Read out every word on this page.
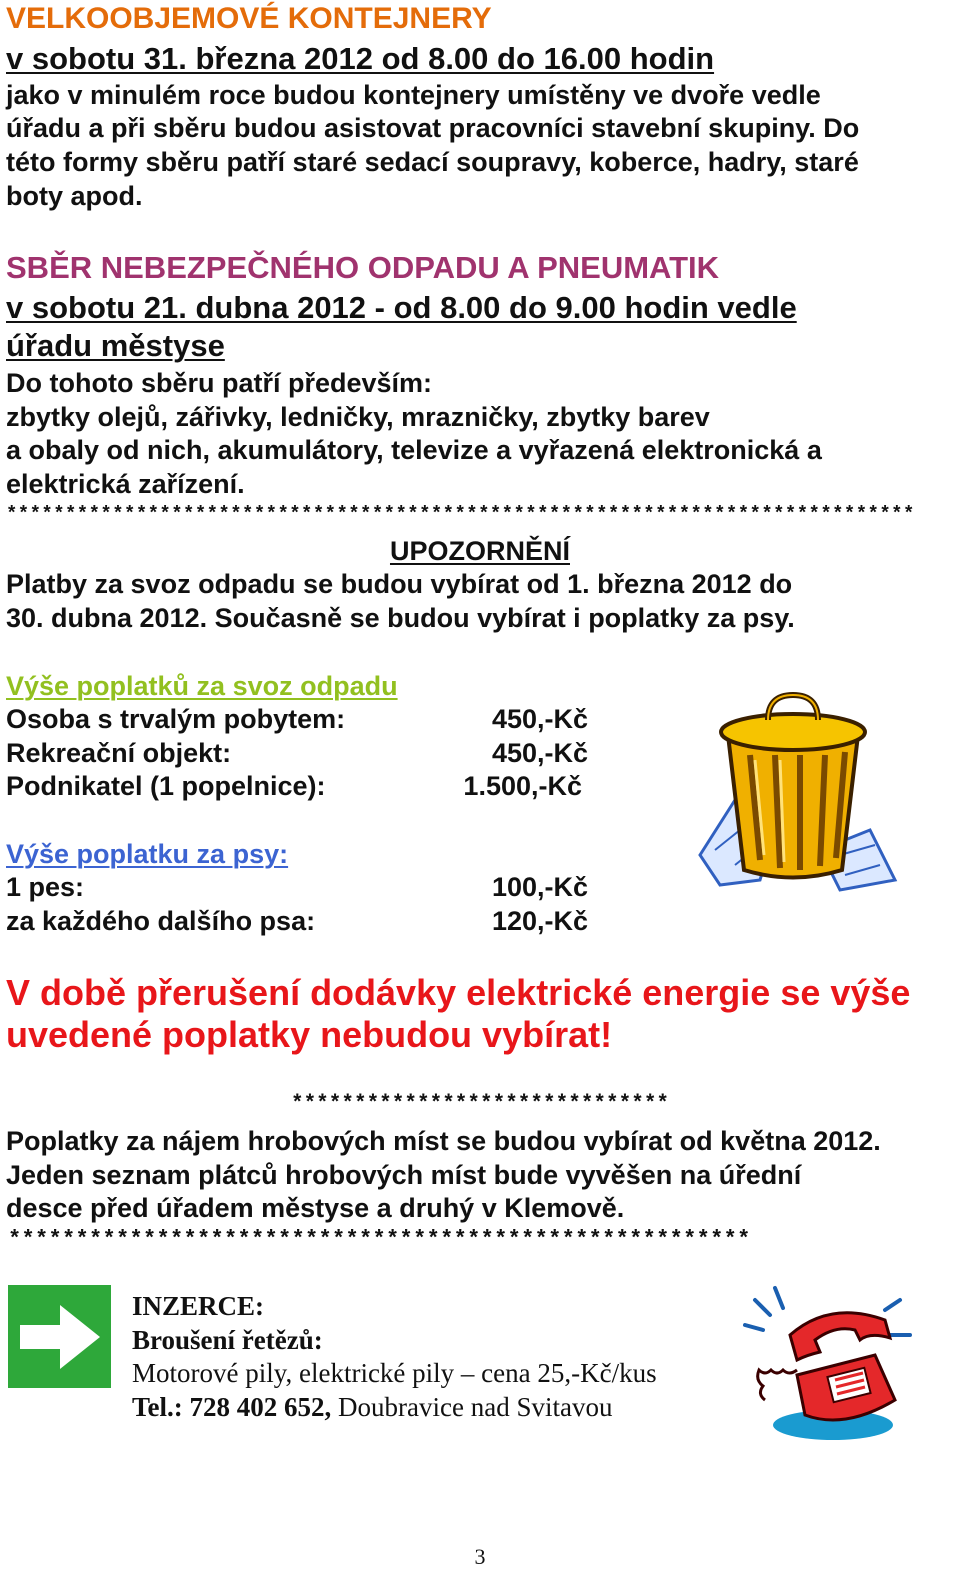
VELKOOBJEMOVÉ KONTEJNERY
v sobotu 31. března 2012 od 8.00 do 16.00 hodin
jako v minulém roce budou kontejnery umístěny ve dvoře vedle
úřadu a při sběru budou asistovat pracovníci stavební skupiny. Do
této formy sběru patří staré sedací soupravy, koberce, hadry, staré
boty apod.
SBĚR NEBEZPEČNÉHO ODPADU A PNEUMATIK
v sobotu 21. dubna 2012 - od 8.00 do 9.00 hodin vedle
úřadu městyse
Do tohoto sběru patří především:
zbytky olejů, zářivky, ledničky, mrazničky, zbytky barev
a obaly od nich, akumulátory, televize a vyřazená elektronická a
elektrická zařízení.
*****************************************************************************
UPOZORNĚNÍ
Platby za svoz odpadu se budou vybírat od 1. března 2012 do
30. dubna 2012. Současně se budou vybírat i poplatky za psy.
Výše poplatků za svoz odpadu
Osoba s trvalým pobytem:	450,-Kč
Rekreační objekt:	450,-Kč
Podnikatel (1 popelnice):	1.500,-Kč
Výše poplatku za psy:
1 pes:	100,-Kč
za každého dalšího psa:	120,-Kč
V době přerušení dodávky elektrické energie se výše
uvedené poplatky nebudou vybírat!
******************************
Poplatky za nájem hrobových míst se budou vybírat od května 2012.
Jeden seznam plátců hrobových míst bude vyvěšen na úřední
desce před úřadem městyse a druhý v Klemově.
*******************************************************
INZERCE:
Broušení řetězů:
Motorové pily, elektrické pily – cena 25,-Kč/kus
Tel.: 728 402 652, Doubravice nad Svitavou
3
